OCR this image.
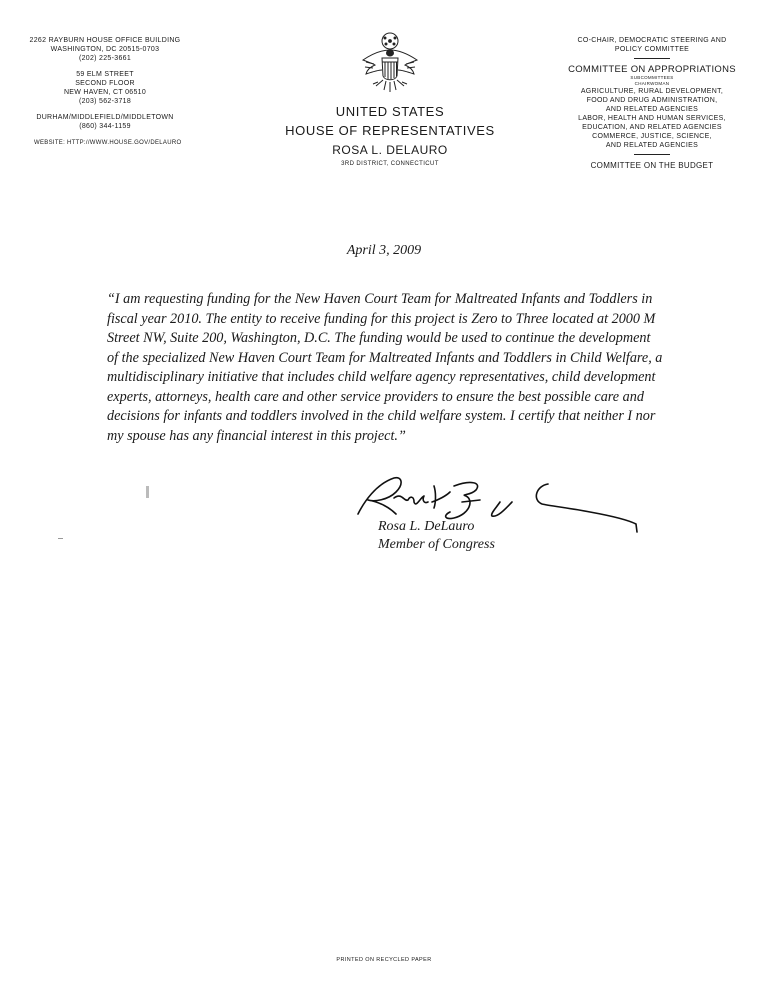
2262 RAYBURN HOUSE OFFICE BUILDING
WASHINGTON, DC 20515-0703
(202) 225-3661
59 ELM STREET
SECOND FLOOR
NEW HAVEN, CT 06510
(203) 562-3718
DURHAM/MIDDLEFIELD/MIDDLETOWN
(860) 344-1159
WEBSITE: HTTP://WWW.HOUSE.GOV/DELAURO
UNITED STATES
HOUSE OF REPRESENTATIVES
ROSA L. DELAURO
3RD DISTRICT, CONNECTICUT
CO-CHAIR, DEMOCRATIC STEERING AND
POLICY COMMITTEE
COMMITTEE ON APPROPRIATIONS
SUBCOMMITTEES
CHAIRWOMAN
AGRICULTURE, RURAL DEVELOPMENT,
FOOD AND DRUG ADMINISTRATION,
AND RELATED AGENCIES
LABOR, HEALTH AND HUMAN SERVICES,
EDUCATION, AND RELATED AGENCIES
COMMERCE, JUSTICE, SCIENCE,
AND RELATED AGENCIES
COMMITTEE ON THE BUDGET
April 3, 2009

“I am requesting funding for the New Haven Court Team for Maltreated Infants and Toddlers in fiscal year 2010. The entity to receive funding for this project is Zero to Three located at 2000 M Street NW, Suite 200, Washington, D.C. The funding would be used to continue the development of the specialized New Haven Court Team for Maltreated Infants and Toddlers in Child Welfare, a multidisciplinary initiative that includes child welfare agency representatives, child development experts, attorneys, health care and other service providers to ensure the best possible care and decisions for infants and toddlers involved in the child welfare system. I certify that neither I nor my spouse has any financial interest in this project.”

Rosa L. DeLauro
Member of Congress
PRINTED ON RECYCLED PAPER
